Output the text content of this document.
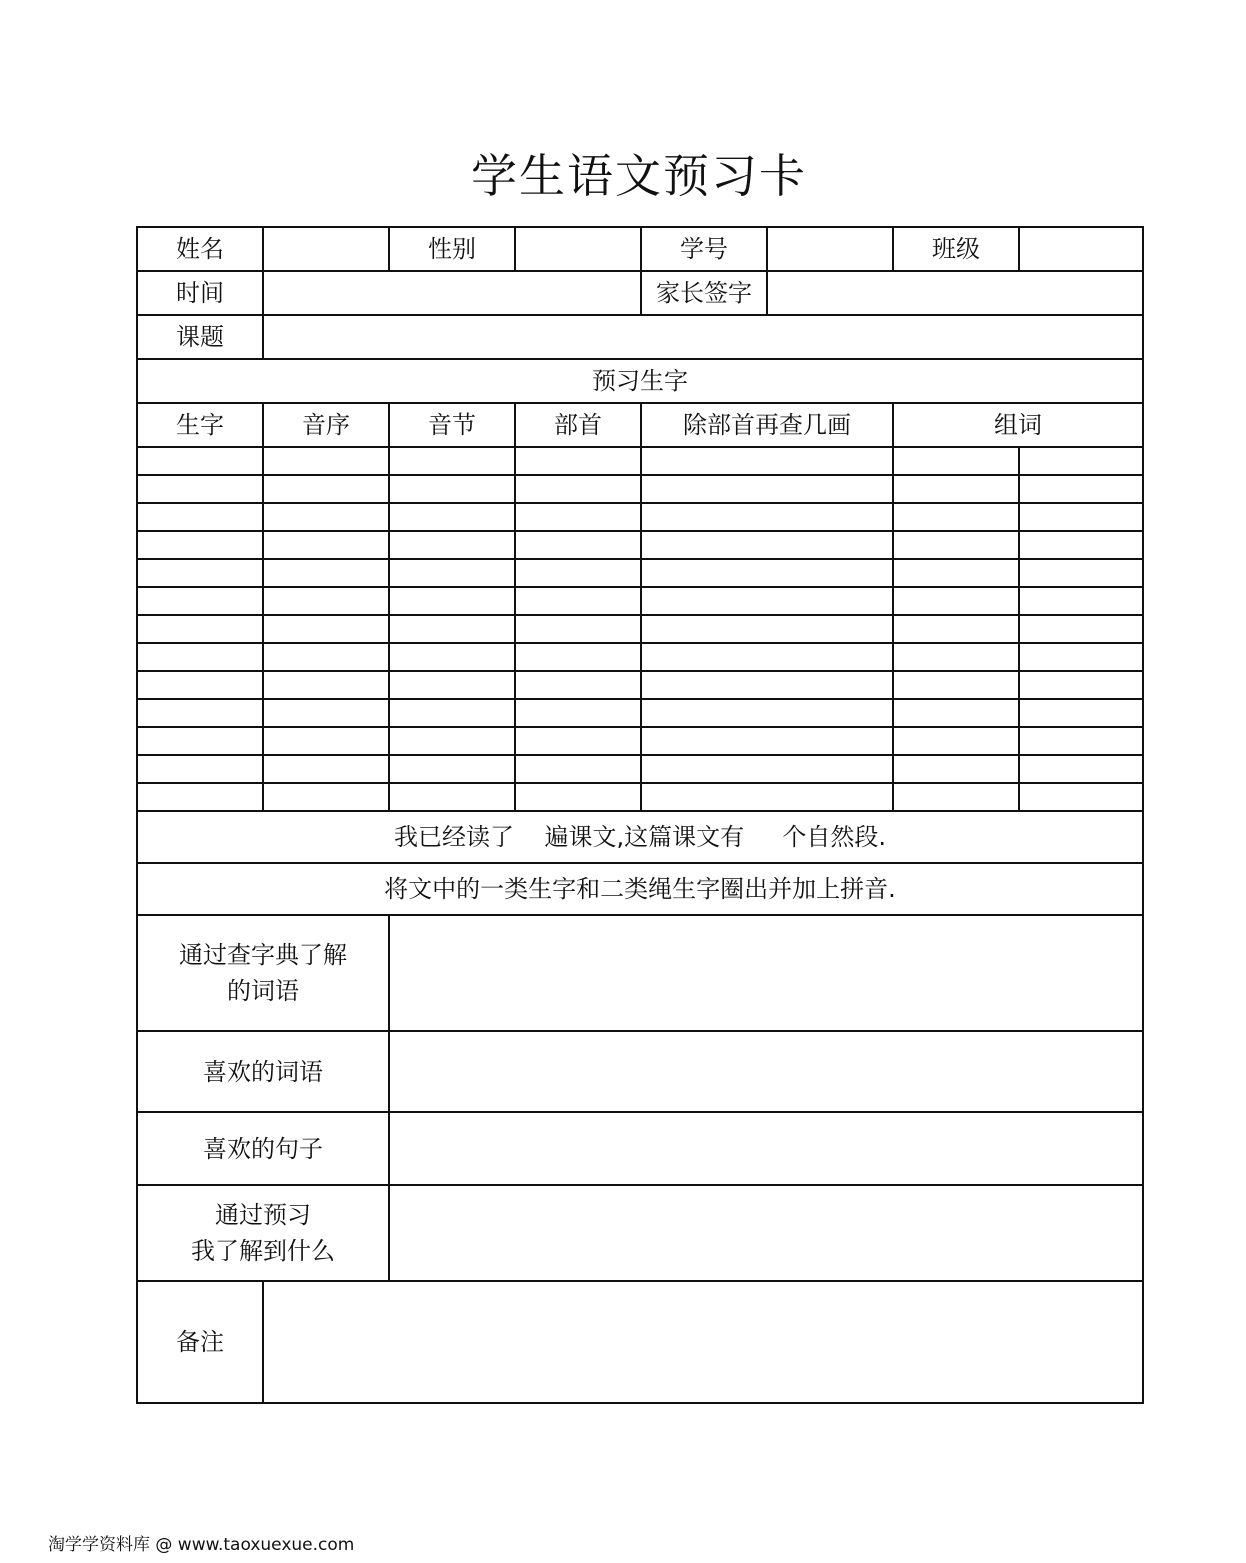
学生语文预习卡
姓名		性别		学号		班级	
时间				家长签字			
课题							
预习生字							
生字	音序	音节	部首	除部首再查几画		组词	

我已经读了    遍课文,这篇课文有     个自然段.							
将文中的一类生字和二类绳生字圈出并加上拼音.							

通过查字典了解
的词语							

喜欢的词语							
喜欢的句子							

通过预习
我了解到什么							

备注							
淘学学资料库 @ www.taoxuexue.com
